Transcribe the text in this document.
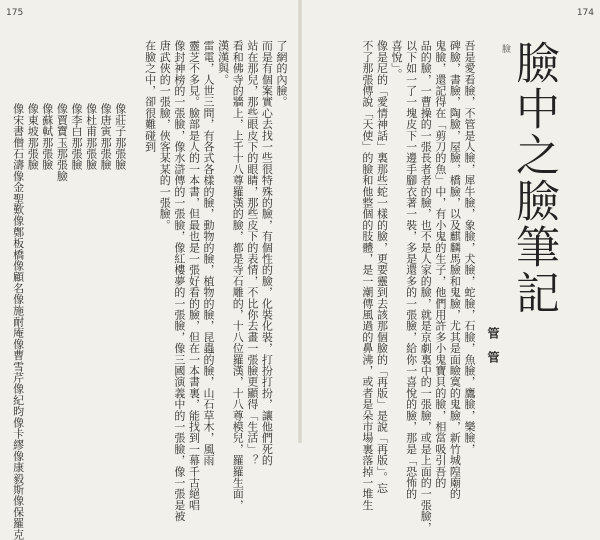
175

了網的內臉。

而是有個案實心去找一些很特殊的臉，有個性的臉，化裝化裝，打扮打扮，讓他們死的

站在那兒，那些眼皮下的眼睛，那些皮下的表情，不比你去畫一張臉更顯得「生活」？

看和佛寺的牆上，上千十八尊羅漢的臉，都是寺石雕的，十八位羅漢，十八尊模兒，羅羅生面，

漢漢與。

雷電，人世三問，有各式各樣的臉，動物的臉，植物的臉，昆蟲的臉，山石草木，風雨

靈芝不多見。臉部是人的一本書，但最也是一張好看的臉，但在一本書裏，能找到一幕千古絕唱

像封神榜的一張臉，像水滸傳的一張臉，像紅樓夢的一張臉，像三國演義中的一張臉，像一張是被

唐武俠的一張臉，俠客某某的一張臉。

在臉之中，卻很難碰到

像莊子那張臉

像唐寅那張臉

像杜甫那張臉

像李白那張臉

像賈寶玉那張臉

像蘇軾那張臉

像東坡那張臉

像宋書僧石濤像金聖歎像鄭板橋像顧名像施耐庵像曹雪芹像紀昀像卡繆像康毅斯像保羅克

174
臉中之臉筆記
管管
臉

吾是愛看臉，不管是人臉，犀牛臉，象臉，犬臉，蛇臉，石臉，魚臉，鷹臉，樂臉，

碑臉，書臉，陶臉，屋臉，橋臉，以及麒麟馬臉和鬼臉，尤其是面瞼寞的鬼臉，新竹城隍廟的

鬼臉，還記得在「剪刀的魚」中，有小鬼的生子，他們用許多小鬼寶貝的臉，相當吸引吾的

品的臉，一曹操的一張長者者的臉，也不是人家的臉，就是京劇裏中的一張臉，或是上面的一張臉，

以下如一了一塊皮下一邊手腳衣著一裝，多是還多的一張臉，給你一喜悅的臉，那是「恐怖的

喜悅」。

像是尼的「愛情神話」裏那些蛇一樣的臉，更要靈到去該那個臉的「再版」是說「再版」。忘

不了那張傳說「天使」的臉和他整個的肢體，是一潮傳風過的鼻沸，或者是朵市場裏落掉一堆生
